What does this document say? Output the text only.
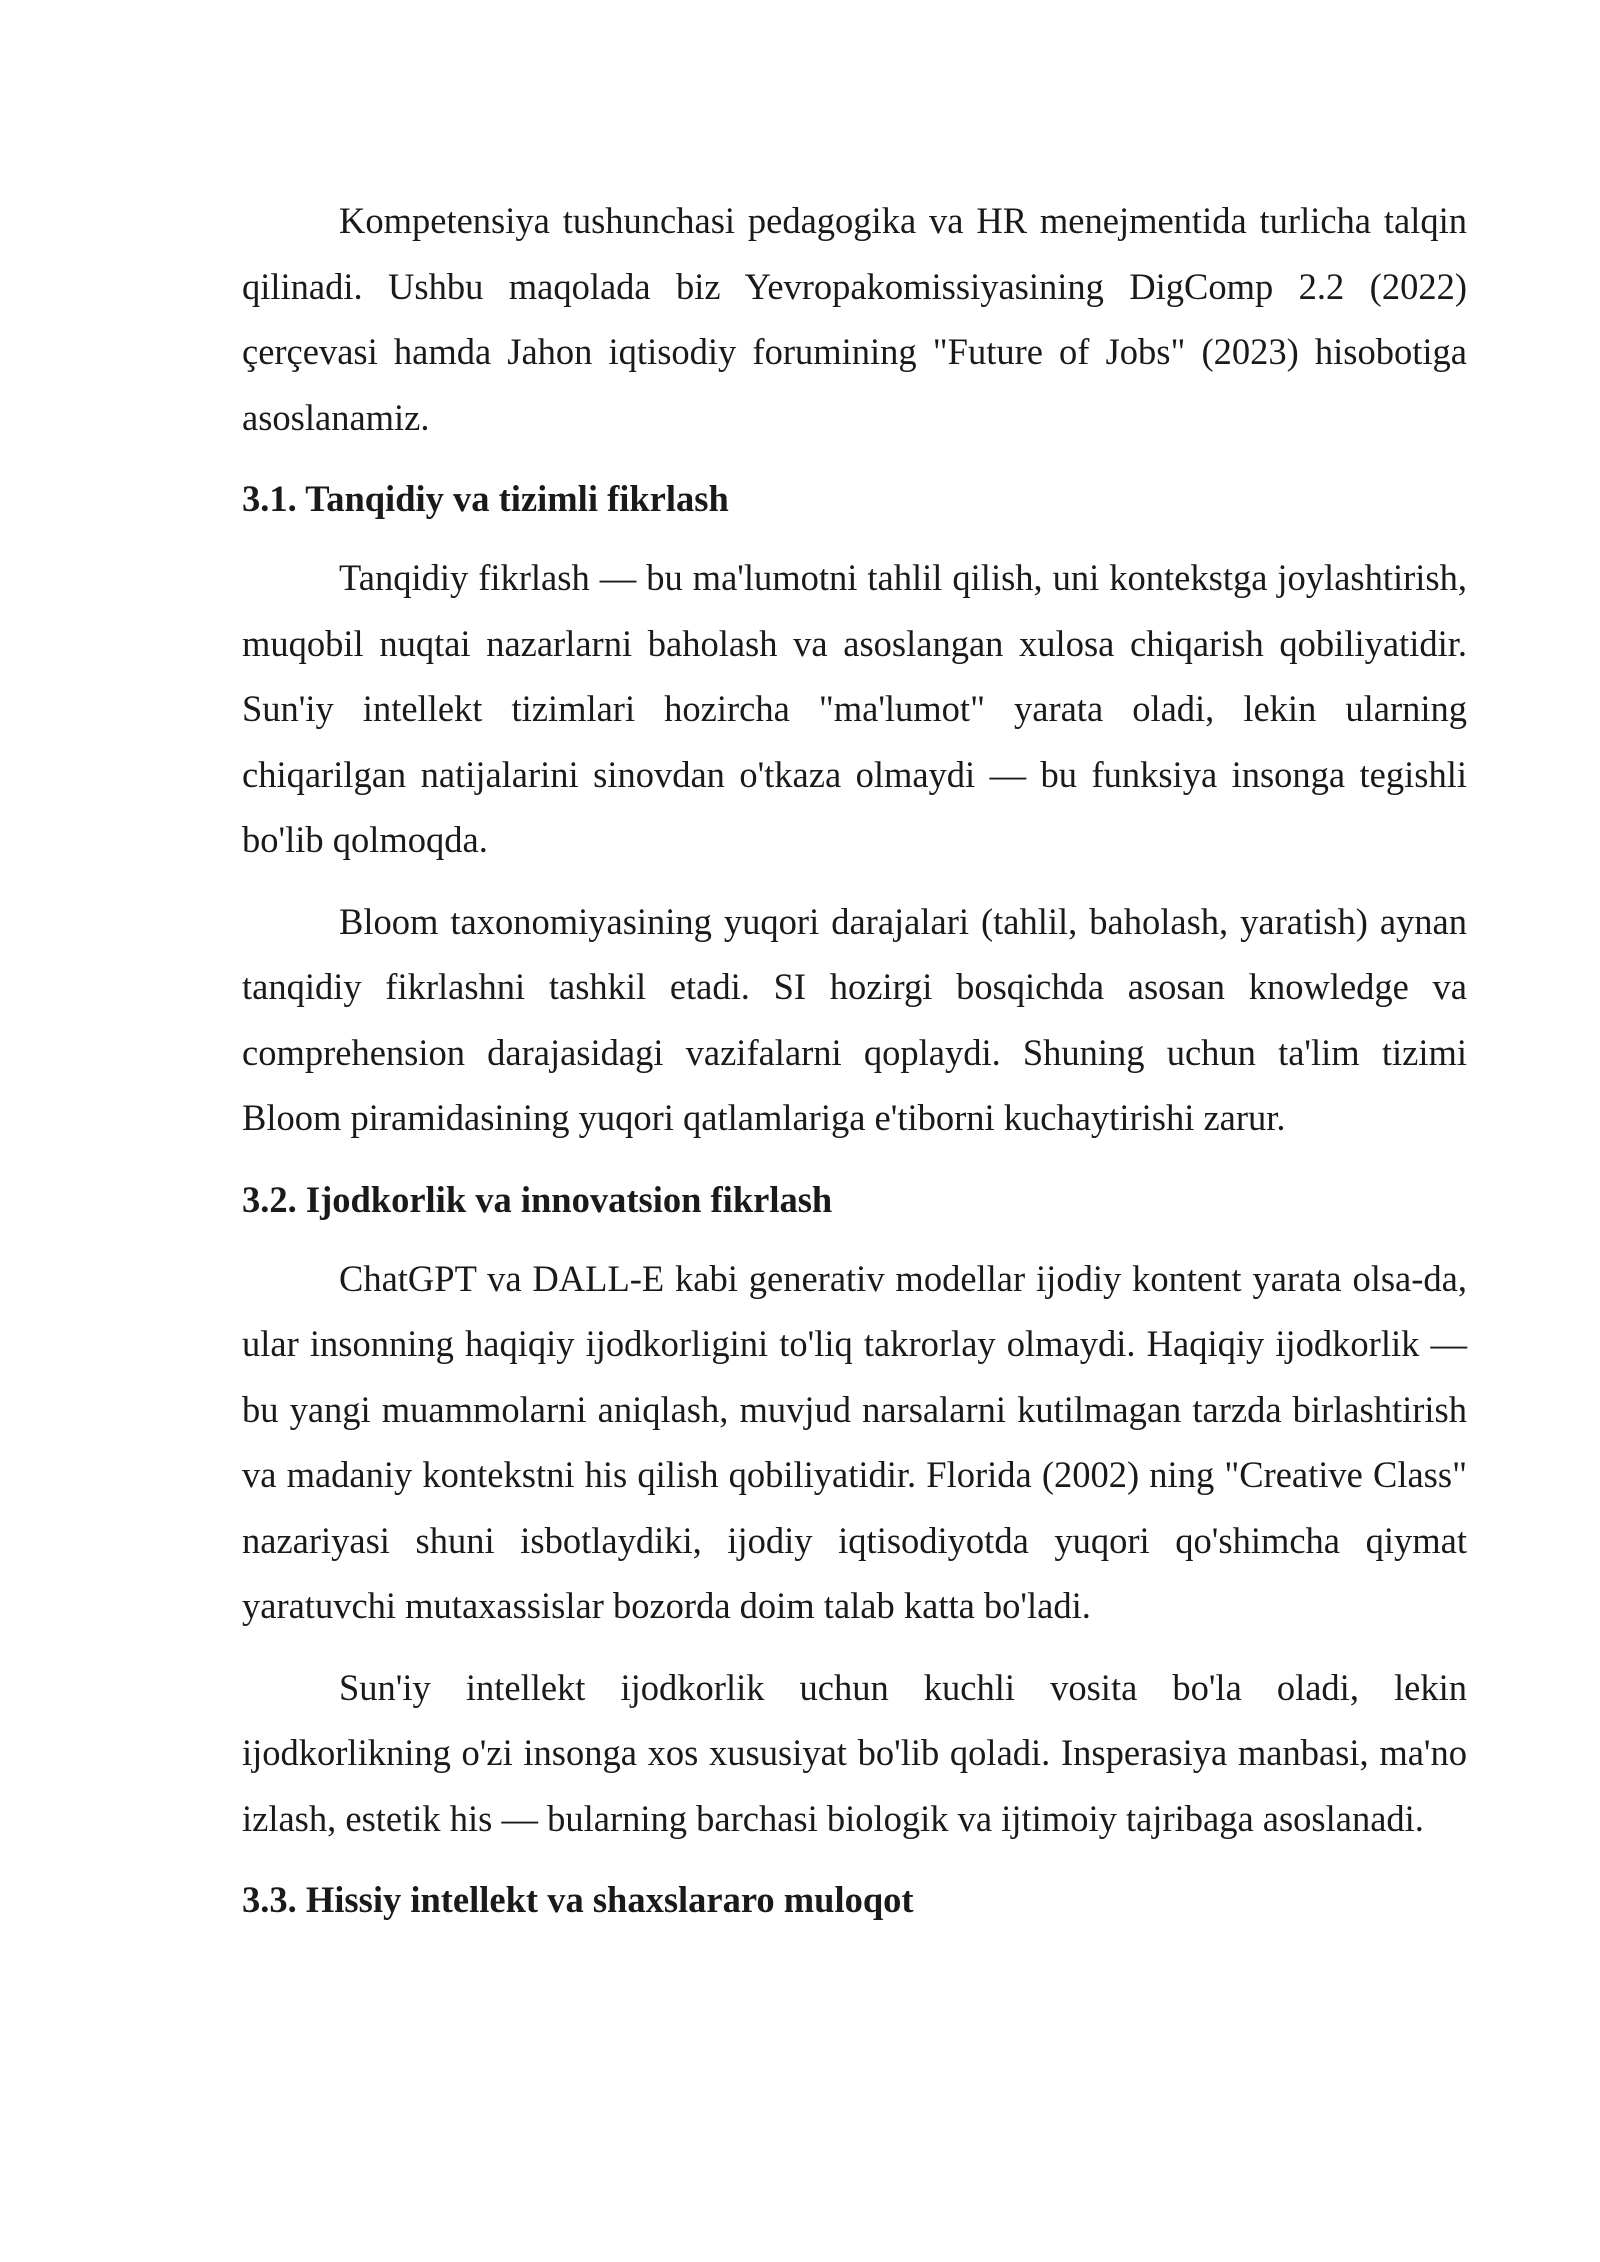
Kompetensiya tushunchasi pedagogika va HR menejmentida turlicha talqin qilinadi. Ushbu maqolada biz Yevropakomissiyasining DigComp 2.2 (2022) çerçevasi hamda Jahon iqtisodiy forumining "Future of Jobs" (2023) hisobotiga asoslanamiz.

3.1. Tanqidiy va tizimli fikrlash

Tanqidiy fikrlash — bu ma'lumotni tahlil qilish, uni kontekstga joylashtirish, muqobil nuqtai nazarlarni baholash va asoslangan xulosa chiqarish qobiliyatidir. Sun'iy intellekt tizimlari hozircha "ma'lumot" yarata oladi, lekin ularning chiqarilgan natijalarini sinovdan o'tkaza olmaydi — bu funksiya insonga tegishli bo'lib qolmoqda.

Bloom taxonomiyasining yuqori darajalari (tahlil, baholash, yaratish) aynan tanqidiy fikrlashni tashkil etadi. SI hozirgi bosqichda asosan knowledge va comprehension darajasidagi vazifalarni qoplaydi. Shuning uchun ta'lim tizimi Bloom piramidasining yuqori qatlamlariga e'tiborni kuchaytirishi zarur.

3.2. Ijodkorlik va innovatsion fikrlash

ChatGPT va DALL-E kabi generativ modellar ijodiy kontent yarata olsa-da, ular insonning haqiqiy ijodkorligini to'liq takrorlay olmaydi. Haqiqiy ijodkorlik — bu yangi muammolarni aniqlash, muvjud narsalarni kutilmagan tarzda birlashtirish va madaniy kontekstni his qilish qobiliyatidir. Florida (2002) ning "Creative Class" nazariyasi shuni isbotlaydiki, ijodiy iqtisodiyotda yuqori qo'shimcha qiymat yaratuvchi mutaxassislar bozorda doim talab katta bo'ladi.

Sun'iy intellekt ijodkorlik uchun kuchli vosita bo'la oladi, lekin ijodkorlikning o'zi insonga xos xususiyat bo'lib qoladi. Insperasiya manbasi, ma'no izlash, estetik his — bularning barchasi biologik va ijtimoiy tajribaga asoslanadi.

3.3. Hissiy intellekt va shaxslararo muloqot
